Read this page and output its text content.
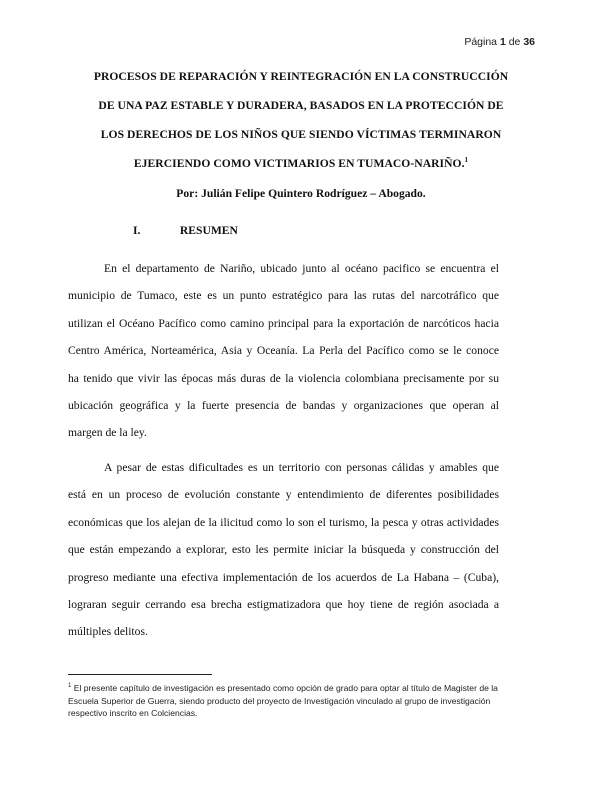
Página 1 de 36
PROCESOS DE REPARACIÓN Y REINTEGRACIÓN EN LA CONSTRUCCIÓN
DE UNA PAZ ESTABLE Y DURADERA, BASADOS EN LA PROTECCIÓN DE
LOS DERECHOS DE LOS NIÑOS QUE SIENDO VÍCTIMAS TERMINARON
EJERCIENDO COMO VICTIMARIOS EN TUMACO-NARIÑO.$^1$
Por: Julián Felipe Quintero Rodríguez – Abogado.
I.	RESUMEN
En el departamento de Nariño, ubicado junto al océano pacifico se encuentra el
municipio de Tumaco, este es un punto estratégico para las rutas del narcotráfico que
utilizan el Océano Pacífico como camino principal para la exportación de narcóticos hacia
Centro América, Norteamérica, Asia y Oceanía. La Perla del Pacífico como se le conoce
ha tenido que vivir las épocas más duras de la violencia colombiana precisamente por su
ubicación geográfica y la fuerte presencia de bandas y organizaciones que operan al
margen de la ley.
A pesar de estas dificultades es un territorio con personas cálidas y amables que
está en un proceso de evolución constante y entendimiento de diferentes posibilidades
económicas que los alejan de la ilicitud como lo son el turismo, la pesca y otras actividades
que están empezando a explorar, esto les permite iniciar la búsqueda y construcción del
progreso mediante una efectiva implementación de los acuerdos de La Habana – (Cuba),
lograran seguir cerrando esa brecha estigmatizadora que hoy tiene de región asociada a
múltiples delitos.
$^1$ El presente capítulo de investigación es presentado como opción de grado para optar al título de Magister de la
Escuela Superior de Guerra, siendo producto del proyecto de Investigación vinculado al grupo de investigación
respectivo inscrito en Colciencias.
